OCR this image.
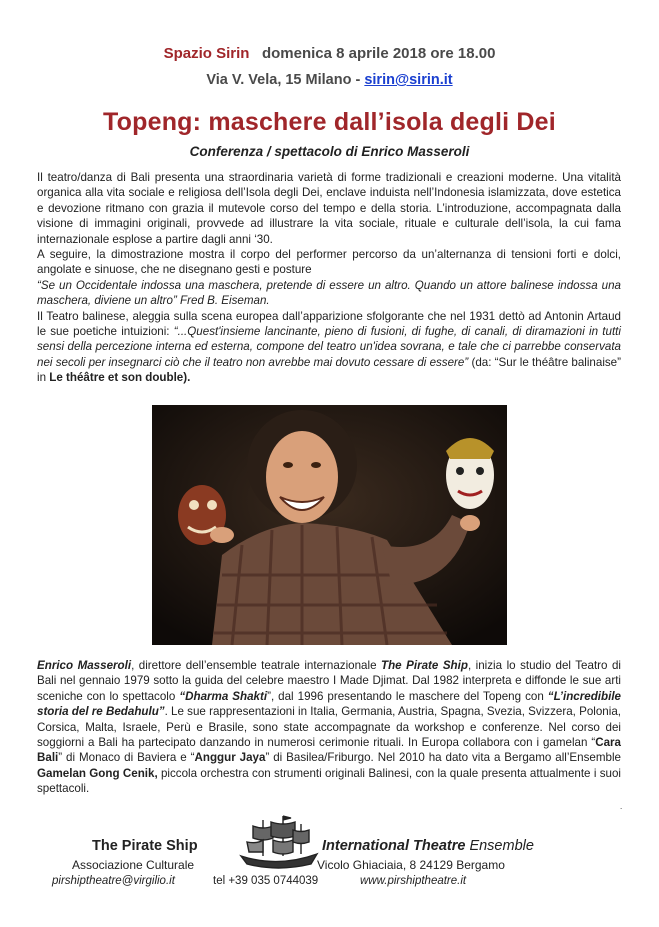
Spazio Sirin domenica 8 aprile 2018 ore 18.00
Via V. Vela, 15 Milano - sirin@sirin.it
Topeng: maschere dall’isola degli Dei
Conferenza / spettacolo di Enrico Masseroli

Il teatro/danza di Bali presenta una straordinaria varietà di forme tradizionali e creazioni moderne. Una vitalità organica alla vita sociale e religiosa dell’Isola degli Dei, enclave induista nell’Indonesia islamizzata, dove estetica e devozione ritmano con grazia il mutevole corso del tempo e della storia. L’introduzione, accompagnata dalla visione di immagini originali, provvede ad illustrare la vita sociale, rituale e culturale dell’isola, la cui fama internazionale esplose a partire dagli anni ‘30.

A seguire, la dimostrazione mostra il corpo del performer percorso da un’alternanza di tensioni forti e dolci, angolate e sinuose, che ne disegnano gesti e posture

“Se un Occidentale indossa una maschera, pretende di essere un altro. Quando un attore balinese indossa una maschera, diviene un altro” Fred B. Eiseman.

Il Teatro balinese, aleggia sulla scena europea dall’apparizione sfolgorante che nel 1931 dettò ad Antonin Artaud le sue poetiche intuizioni: “...Quest'insieme lancinante, pieno di fusioni, di fughe, di canali, di diramazioni in tutti sensi della percezione interna ed esterna, compone del teatro un'idea sovrana, e tale che ci parrebbe conservata nei secoli per insegnarci ciò che il teatro non avrebbe mai dovuto cessare di essere” (da: “Sur le théâtre balinaise” in Le théâtre et son double).

Enrico Masseroli, direttore dell’ensemble teatrale internazionale The Pirate Ship, inizia lo studio del Teatro di Bali nel gennaio 1979 sotto la guida del celebre maestro I Made Djimat. Dal 1982 interpreta e diffonde le sue arti sceniche con lo spettacolo “Dharma Shakti”, dal 1996 presentando le maschere del Topeng con “L’incredibile storia del re Bedahulu”. Le sue rappresentazioni in Italia, Germania, Austria, Spagna, Svezia, Svizzera, Polonia, Corsica, Malta, Israele, Perù e Brasile, sono state accompagnate da workshop e conferenze. Nel corso dei soggiorni a Bali ha partecipato danzando in numerosi cerimonie rituali. In Europa collabora con i gamelan “Cara Bali” di Monaco di Baviera e “Anggur Jaya” di Basilea/Friburgo. Nel 2010 ha dato vita a Bergamo all’Ensemble Gamelan Gong Cenik, piccola orchestra con strumenti originali Balinesi, con la quale presenta attualmente i suoi spettacoli.

.
The Pirate Ship	International Theatre Ensemble
Associazione Culturale	Vicolo Ghiaciaia, 8 24129 Bergamo
pirshiptheatre@virgilio.it	tel +39 035 0744039	www.pirshiptheatre.it
